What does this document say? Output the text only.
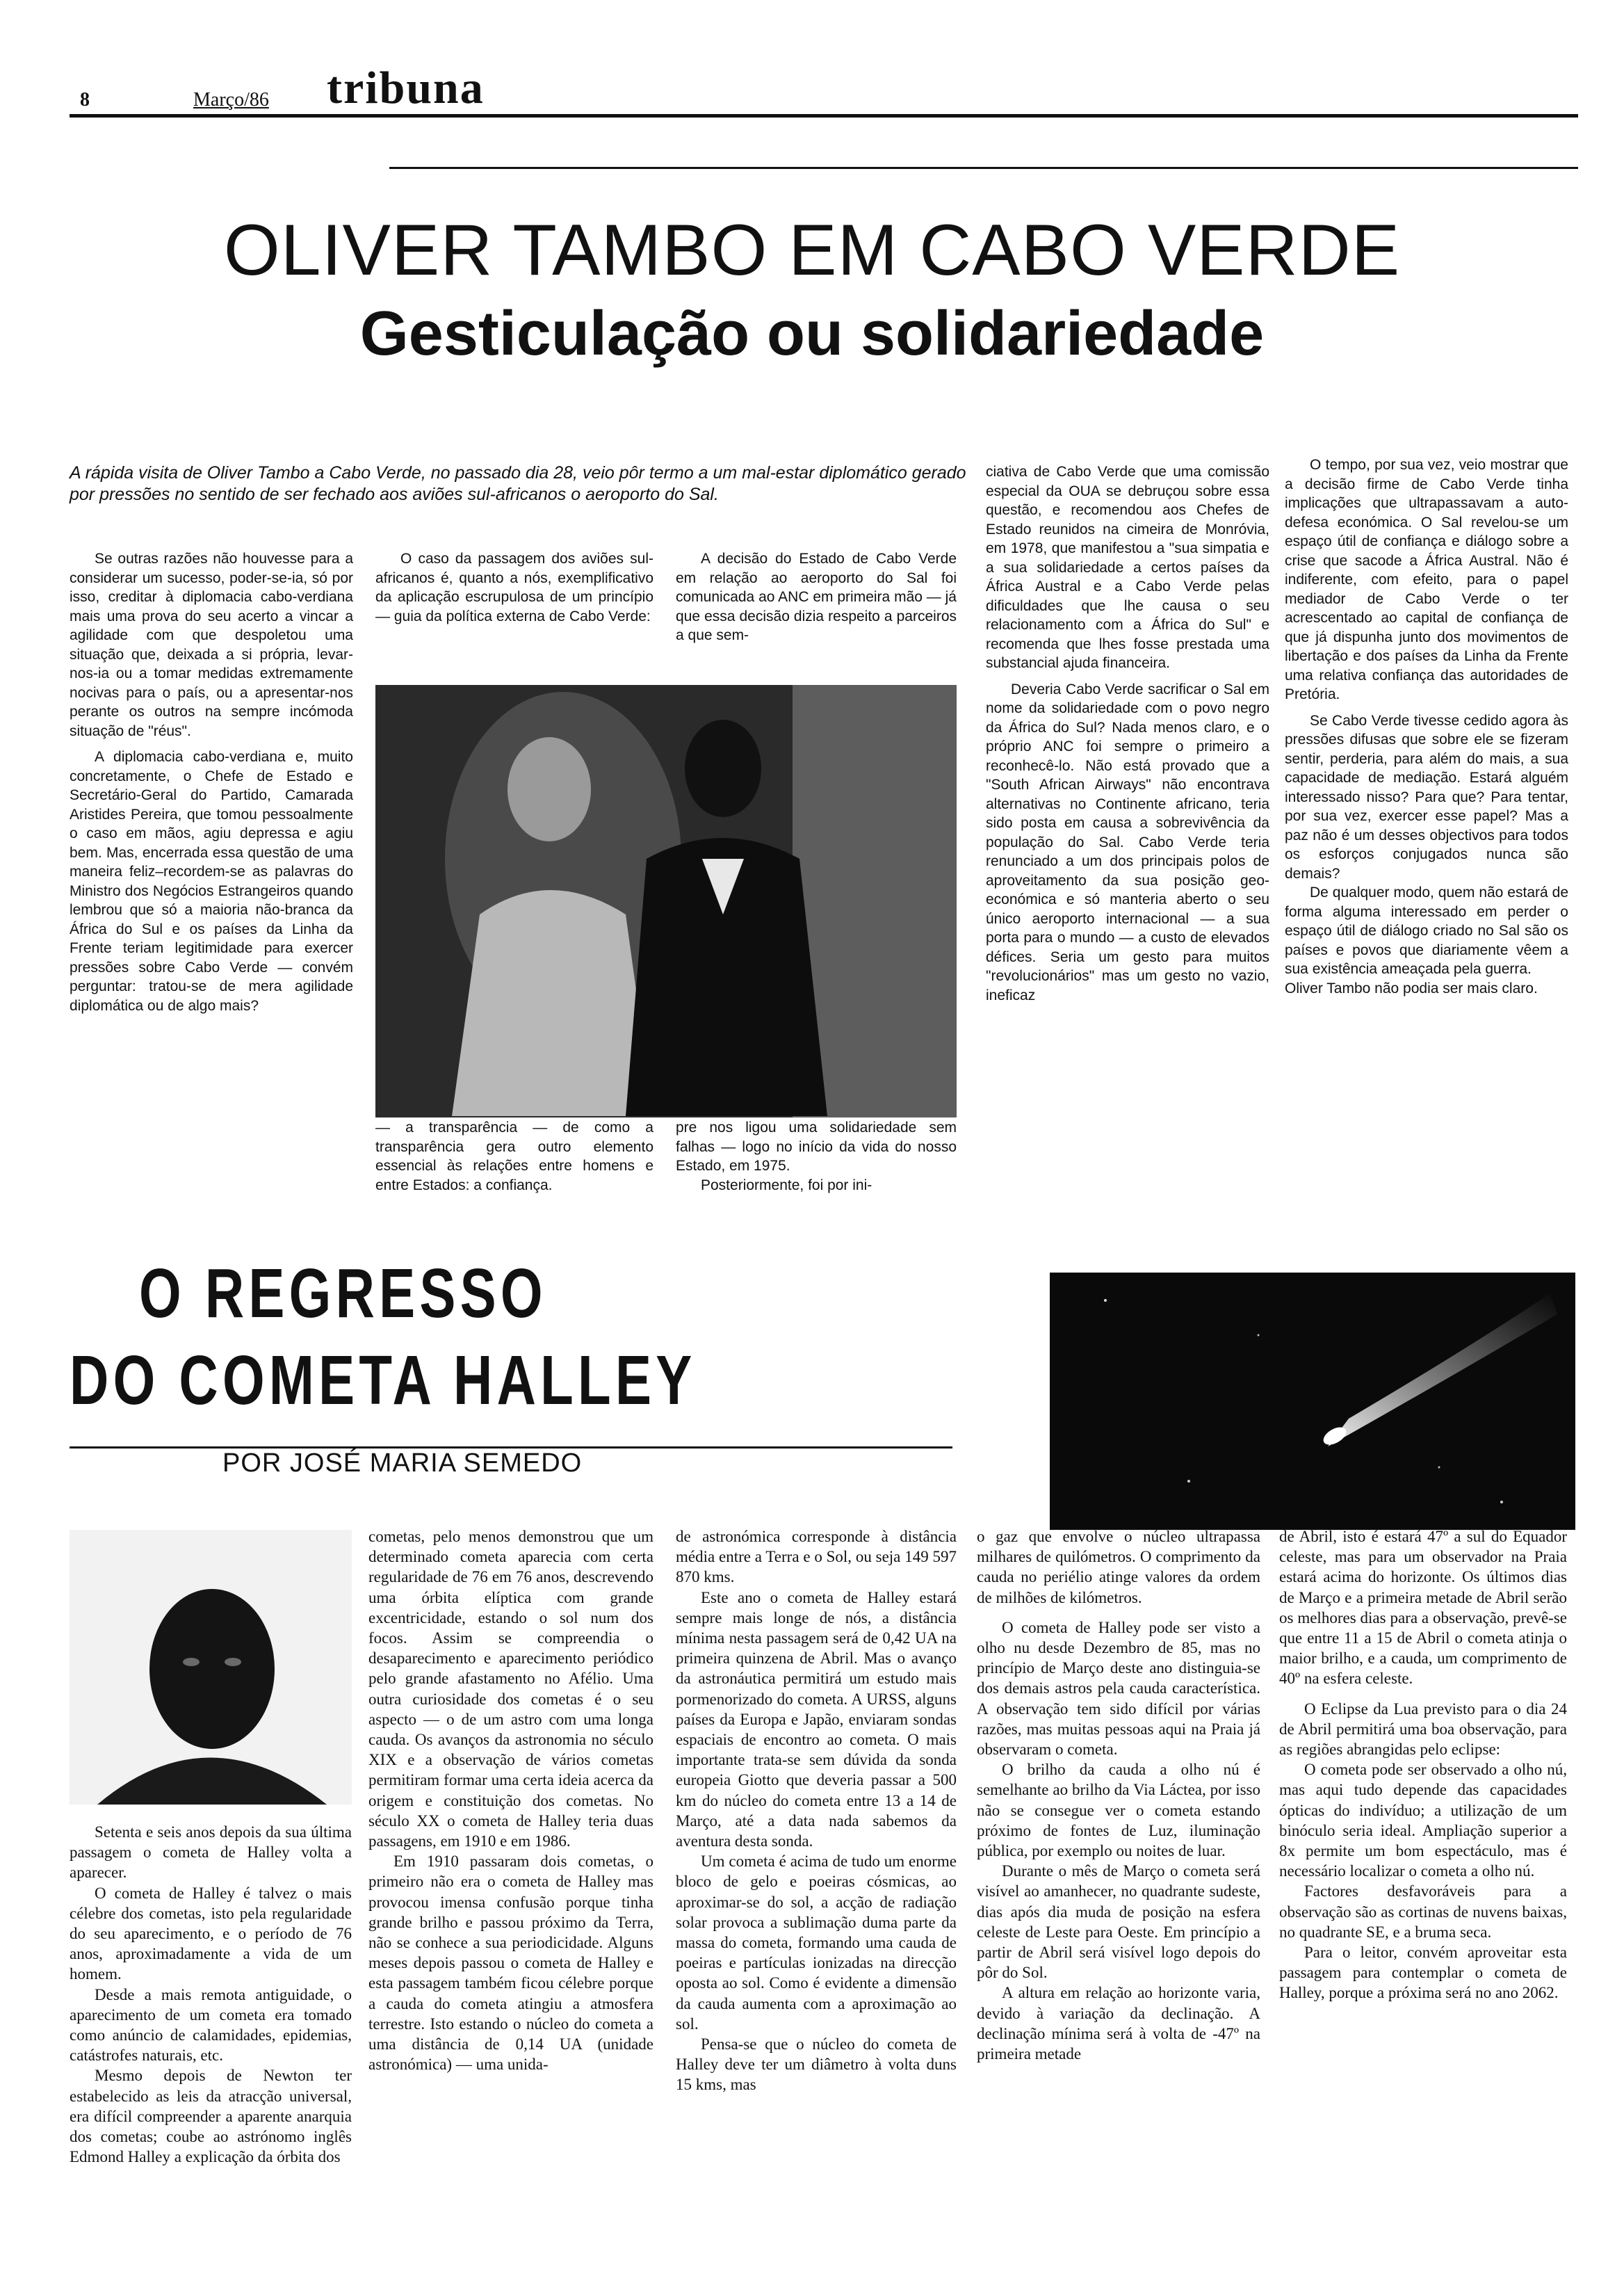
8	Março/86 tribuna
OLIVER TAMBO EM CABO VERDE
Gesticulação ou solidariedade
A rápida visita de Oliver Tambo a Cabo Verde, no passado dia 28, veio pôr termo a um mal-estar diplomático gerado por pressões no sentido de ser fechado aos aviões sul-africanos o aeroporto do Sal.

Se outras razões não houvesse para a considerar um sucesso, poder-se-ia, só por isso, creditar à diplomacia cabo-verdiana mais uma prova do seu acerto a vincar a agilidade com que despoletou uma situação que, deixada a si própria, levar-nos-ia ou a tomar medidas extremamente nocivas para o país, ou a apresentar-nos perante os outros na sempre incómoda situação de "réus".

A diplomacia cabo-verdiana e, muito concretamente, o Chefe de Estado e Secretário-Geral do Partido, Camarada Aristides Pereira, que tomou pessoalmente o caso em mãos, agiu depressa e agiu bem. Mas, encerrada essa questão de uma maneira feliz–recordem-se as palavras do Ministro dos Negócios Estrangeiros quando lembrou que só a maioria não-branca da África do Sul e os países da Linha da Frente teriam legitimidade para exercer pressões sobre Cabo Verde — convém perguntar: tratou-se de mera agilidade diplomática ou de algo mais?

O caso da passagem dos aviões sul-africanos é, quanto a nós, exemplificativo da aplicação escrupulosa de um princípio — guia da política externa de Cabo Verde:

A decisão do Estado de Cabo Verde em relação ao aeroporto do Sal foi comunicada ao ANC em primeira mão — já que essa decisão dizia respeito a parceiros a que sem-

— a transparência — de como a transparência gera outro elemento essencial às relações entre homens e entre Estados: a confiança.

pre nos ligou uma solidariedade sem falhas — logo no início da vida do nosso Estado, em 1975.

Posteriormente, foi por ini-

ciativa de Cabo Verde que uma comissão especial da OUA se debruçou sobre essa questão, e recomendou aos Chefes de Estado reunidos na cimeira de Monróvia, em 1978, que manifestou a "sua simpatia e a sua solidariedade a certos países da África Austral e a Cabo Verde pelas dificuldades que lhe causa o seu relacionamento com a África do Sul" e recomenda que lhes fosse prestada uma substancial ajuda financeira.

Deveria Cabo Verde sacrificar o Sal em nome da solidariedade com o povo negro da África do Sul? Nada menos claro, e o próprio ANC foi sempre o primeiro a reconhecê-lo. Não está provado que a "South African Airways" não encontrava alternativas no Continente africano, teria sido posta em causa a sobrevivência da população do Sal. Cabo Verde teria renunciado a um dos principais polos de aproveitamento da sua posição geo-económica e só manteria aberto o seu único aeroporto internacional — a sua porta para o mundo — a custo de elevados défices. Seria um gesto para muitos "revolucionários" mas um gesto no vazio, ineficaz

O tempo, por sua vez, veio mostrar que a decisão firme de Cabo Verde tinha implicações que ultrapassavam a auto-defesa económica. O Sal revelou-se um espaço útil de confiança e diálogo sobre a crise que sacode a África Austral. Não é indiferente, com efeito, para o papel mediador de Cabo Verde o ter acrescentado ao capital de confiança de que já dispunha junto dos movimentos de libertação e dos países da Linha da Frente uma relativa confiança das autoridades de Pretória.

Se Cabo Verde tivesse cedido agora às pressões difusas que sobre ele se fizeram sentir, perderia, para além do mais, a sua capacidade de mediação. Estará alguém interessado nisso? Para que? Para tentar, por sua vez, exercer esse papel? Mas a paz não é um desses objectivos para todos os esforços conjugados nunca são demais?

De qualquer modo, quem não estará de forma alguma interessado em perder o espaço útil de diálogo criado no Sal são os países e povos que diariamente vêem a sua existência ameaçada pela guerra.

Oliver Tambo não podia ser mais claro.

O REGRESSO
DO COMETA HALLEY
POR JOSÉ MARIA SEMEDO

Setenta e seis anos depois da sua última passagem o cometa de Halley volta a aparecer.

O cometa de Halley é talvez o mais célebre dos cometas, isto pela regularidade do seu aparecimento, e o período de 76 anos, aproximadamente a vida de um homem.

Desde a mais remota antiguidade, o aparecimento de um cometa era tomado como anúncio de calamidades, epidemias, catástrofes naturais, etc.

Mesmo depois de Newton ter estabelecido as leis da atracção universal, era difícil compreender a aparente anarquia dos cometas; coube ao astrónomo inglês Edmond Halley a explicação da órbita dos

cometas, pelo menos demonstrou que um determinado cometa aparecia com certa regularidade de 76 em 76 anos, descrevendo uma órbita elíptica com grande excentricidade, estando o sol num dos focos. Assim se compreendia o desaparecimento e aparecimento periódico pelo grande afastamento no Afélio. Uma outra curiosidade dos cometas é o seu aspecto — o de um astro com uma longa cauda. Os avanços da astronomia no século XIX e a observação de vários cometas permitiram formar uma certa ideia acerca da origem e constituição dos cometas. No século XX o cometa de Halley teria duas passagens, em 1910 e em 1986.

Em 1910 passaram dois cometas, o primeiro não era o cometa de Halley mas provocou imensa confusão porque tinha grande brilho e passou próximo da Terra, não se conhece a sua periodicidade. Alguns meses depois passou o cometa de Halley e esta passagem também ficou célebre porque a cauda do cometa atingiu a atmosfera terrestre. Isto estando o núcleo do cometa a uma distância de 0,14 UA (unidade astronómica) — uma unida-

de astronómica corresponde à distância média entre a Terra e o Sol, ou seja 149 597 870 kms.

Este ano o cometa de Halley estará sempre mais longe de nós, a distância mínima nesta passagem será de 0,42 UA na primeira quinzena de Abril. Mas o avanço da astronáutica permitirá um estudo mais pormenorizado do cometa. A URSS, alguns países da Europa e Japão, enviaram sondas espaciais de encontro ao cometa. O mais importante trata-se sem dúvida da sonda europeia Giotto que deveria passar a 500 km do núcleo do cometa entre 13 a 14 de Março, até a data nada sabemos da aventura desta sonda.

Um cometa é acima de tudo um enorme bloco de gelo e poeiras cósmicas, ao aproximar-se do sol, a acção de radiação solar provoca a sublimação duma parte da massa do cometa, formando uma cauda de poeiras e partículas ionizadas na direcção oposta ao sol. Como é evidente a dimensão da cauda aumenta com a aproximação ao sol.

Pensa-se que o núcleo do cometa de Halley deve ter um diâmetro à volta duns 15 kms, mas

o gaz que envolve o núcleo ultrapassa milhares de quilómetros. O comprimento da cauda no periélio atinge valores da ordem de milhões de kilómetros.

O cometa de Halley pode ser visto a olho nu desde Dezembro de 85, mas no princípio de Março deste ano distinguia-se dos demais astros pela cauda característica. A observação tem sido difícil por várias razões, mas muitas pessoas aqui na Praia já observaram o cometa.

O brilho da cauda a olho nú é semelhante ao brilho da Via Láctea, por isso não se consegue ver o cometa estando próximo de fontes de Luz, iluminação pública, por exemplo ou noites de luar.

Durante o mês de Março o cometa será visível ao amanhecer, no quadrante sudeste, dias após dia muda de posição na esfera celeste de Leste para Oeste. Em princípio a partir de Abril será visível logo depois do pôr do Sol.

A altura em relação ao horizonte varia, devido à variação da declinação. A declinação mínima será à volta de -47º na primeira metade

de Abril, isto é estará 47º a sul do Equador celeste, mas para um observador na Praia estará acima do horizonte. Os últimos dias de Março e a primeira metade de Abril serão os melhores dias para a observação, prevê-se que entre 11 a 15 de Abril o cometa atinja o maior brilho, e a cauda, um comprimento de 40º na esfera celeste.

O Eclipse da Lua previsto para o dia 24 de Abril permitirá uma boa observação, para as regiões abrangidas pelo eclipse:

O cometa pode ser observado a olho nú, mas aqui tudo depende das capacidades ópticas do indivíduo; a utilização de um binóculo seria ideal. Ampliação superior a 8x permite um bom espectáculo, mas é necessário localizar o cometa a olho nú.

Factores desfavoráveis para a observação são as cortinas de nuvens baixas, no quadrante SE, e a bruma seca.

Para o leitor, convém aproveitar esta passagem para contemplar o cometa de Halley, porque a próxima será no ano 2062.
